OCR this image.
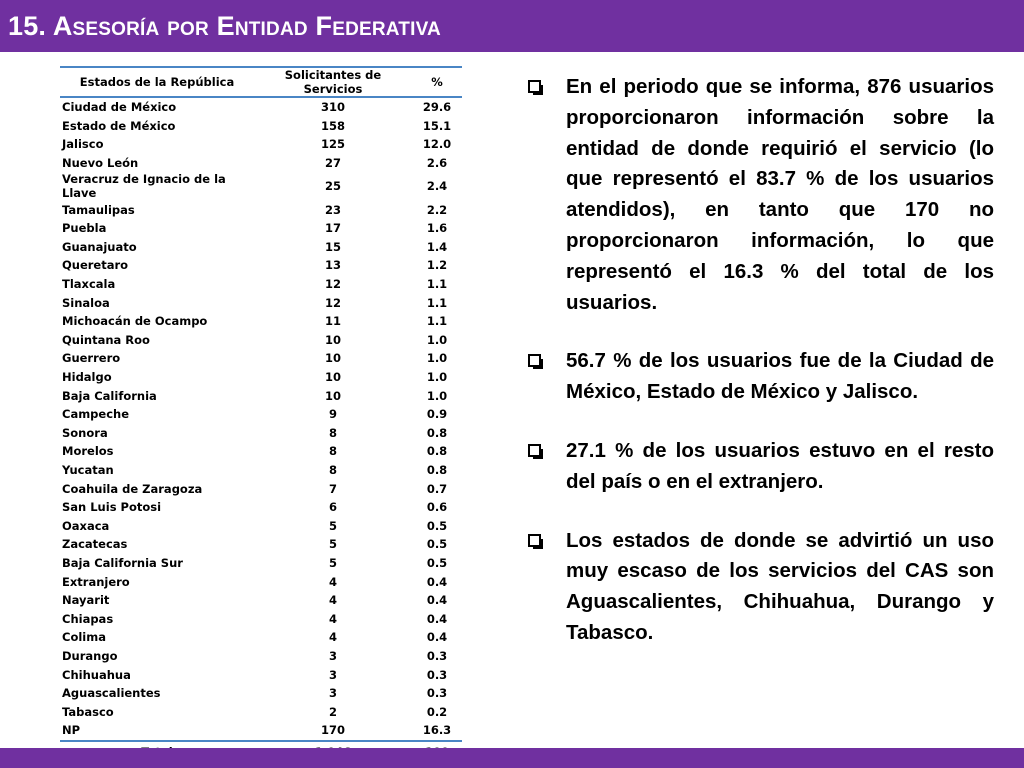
15. Asesoría por Entidad Federativa
Estados de la República	Solicitantes de Servicios	%
Ciudad de México	310	29.6
Estado de México	158	15.1
Jalisco	125	12.0
Nuevo León	27	2.6
Veracruz de Ignacio de la Llave	25	2.4
Tamaulipas	23	2.2
Puebla	17	1.6
Guanajuato	15	1.4
Queretaro	13	1.2
Tlaxcala	12	1.1
Sinaloa	12	1.1
Michoacán de Ocampo	11	1.1
Quintana Roo	10	1.0
Guerrero	10	1.0
Hidalgo	10	1.0
Baja California	10	1.0
Campeche	9	0.9
Sonora	8	0.8
Morelos	8	0.8
Yucatan	8	0.8
Coahuila de Zaragoza	7	0.7
San Luis Potosi	6	0.6
Oaxaca	5	0.5
Zacatecas	5	0.5
Baja California Sur	5	0.5
Extranjero	4	0.4
Nayarit	4	0.4
Chiapas	4	0.4
Colima	4	0.4
Durango	3	0.3
Chihuahua	3	0.3
Aguascalientes	3	0.3
Tabasco	2	0.2
NP	170	16.3

En el periodo que se informa, 876 usuarios proporcionaron información sobre la entidad de donde requirió el servicio (lo que representó el 83.7 % de los usuarios atendidos), en tanto que 170 no proporcionaron información, lo que representó el 16.3 % del total de los usuarios.
56.7 % de los usuarios fue de la Ciudad de México, Estado de México y Jalisco.
27.1 % de los usuarios estuvo en el resto del país o en el extranjero.
Los estados de donde se advirtió un uso muy escaso de los servicios del CAS son Aguascalientes, Chihuahua, Durango y Tabasco.
